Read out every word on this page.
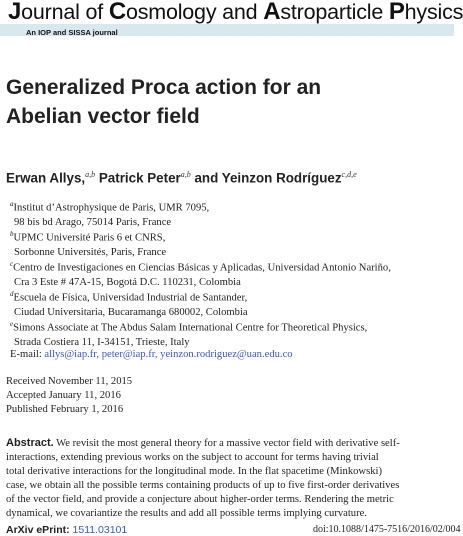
Journal of Cosmology and Astroparticle Physics
An IOP and SISSA journal
Generalized Proca action for an
Abelian vector field
Erwan Allys,$^{a,b}$ Patrick Peter$^{a,b}$ and Yeinzon Rodríguez$^{c,d,e}$
$^a$Institut d’Astrophysique de Paris, UMR 7095,
98 bis bd Arago, 75014 Paris, France
$^b$UPMC Université Paris 6 et CNRS,
Sorbonne Universités, Paris, France
$^c$Centro de Investigaciones en Ciencias Básicas y Aplicadas, Universidad Antonio Nariño,
Cra 3 Este # 47A-15, Bogotá D.C. 110231, Colombia
$^d$Escuela de Física, Universidad Industrial de Santander,
Ciudad Universitaria, Bucaramanga 680002, Colombia
$^e$Simons Associate at The Abdus Salam International Centre for Theoretical Physics,
Strada Costiera 11, I-34151, Trieste, Italy
E-mail: allys@iap.fr, peter@iap.fr, yeinzon.rodriguez@uan.edu.co
Received November 11, 2015
Accepted January 11, 2016
Published February 1, 2016
Abstract. We revisit the most general theory for a massive vector field with derivative self-
interactions, extending previous works on the subject to account for terms having trivial
total derivative interactions for the longitudinal mode. In the flat spacetime (Minkowski)
case, we obtain all the possible terms containing products of up to five first-order derivatives
of the vector field, and provide a conjecture about higher-order terms. Rendering the metric
dynamical, we covariantize the results and add all possible terms implying curvature.
ArXiv ePrint: 1511.03101	doi:10.1088/1475-7516/2016/02/004
